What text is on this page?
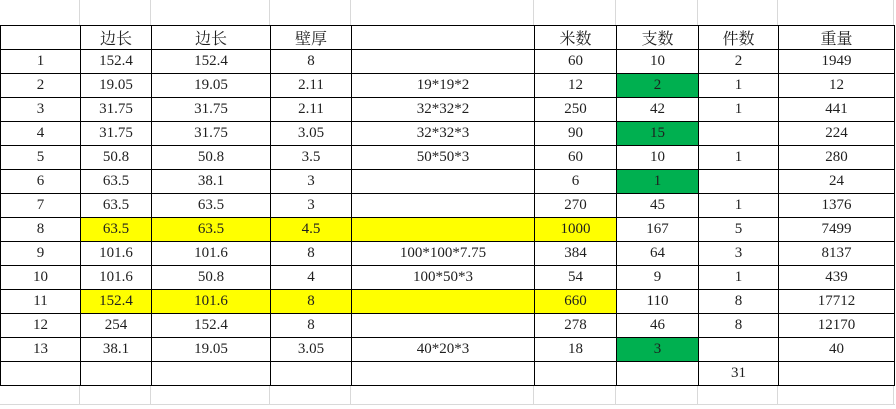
	边长	边长	壁厚		米数	支数	件数	重量
1	152.4	152.4	8		60	10	2	1949
2	19.05	19.05	2.11	19*19*2	12	2	1	12
3	31.75	31.75	2.11	32*32*2	250	42	1	441
4	31.75	31.75	3.05	32*32*3	90	15		224
5	50.8	50.8	3.5	50*50*3	60	10	1	280
6	63.5	38.1	3		6	1		24
7	63.5	63.5	3		270	45	1	1376
8	63.5	63.5	4.5		1000	167	5	7499
9	101.6	101.6	8	100*100*7.75	384	64	3	8137
10	101.6	50.8	4	100*50*3	54	9	1	439
11	152.4	101.6	8		660	110	8	17712
12	254	152.4	8		278	46	8	12170
13	38.1	19.05	3.05	40*20*3	18	3		40
							31	
